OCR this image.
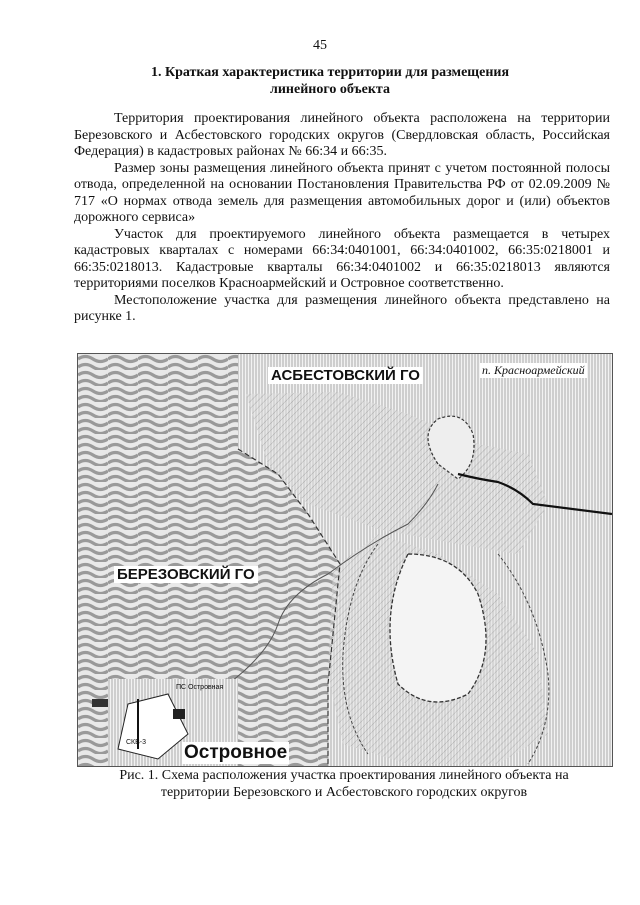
45
1. Краткая характеристика территории для размещения
линейного объекта

Территория проектирования линейного объекта расположена на территории Березовского и Асбестовского городских округов (Свердловская область, Российская Федерация) в кадастровых районах № 66:34 и 66:35.

Размер зоны размещения линейного объекта принят с учетом постоянной полосы отвода, определенной на основании Постановления Правительства РФ от 02.09.2009 № 717 «О нормах отвода земель для размещения автомобильных дорог и (или) объектов дорожного сервиса»

Участок для проектируемого линейного объекта размещается в четырех кадастровых кварталах с номерами 66:34:0401001, 66:34:0401002, 66:35:0218001 и 66:35:0218013. Кадастровые кварталы 66:34:0401002 и 66:35:0218013 являются территориями поселков Красноармейский и Островное соответственно.

Местоположение участка для размещения линейного объекта представлено на рисунке 1.

АСБЕСТОВСКИЙ ГО	п. Красноармейский
БЕРЕЗОВСКИЙ ГО
ПС Островная
СКВ-3 Островное
Рис. 1. Схема расположения участка проектирования линейного объекта на
территории Березовского и Асбестовского городских округов
